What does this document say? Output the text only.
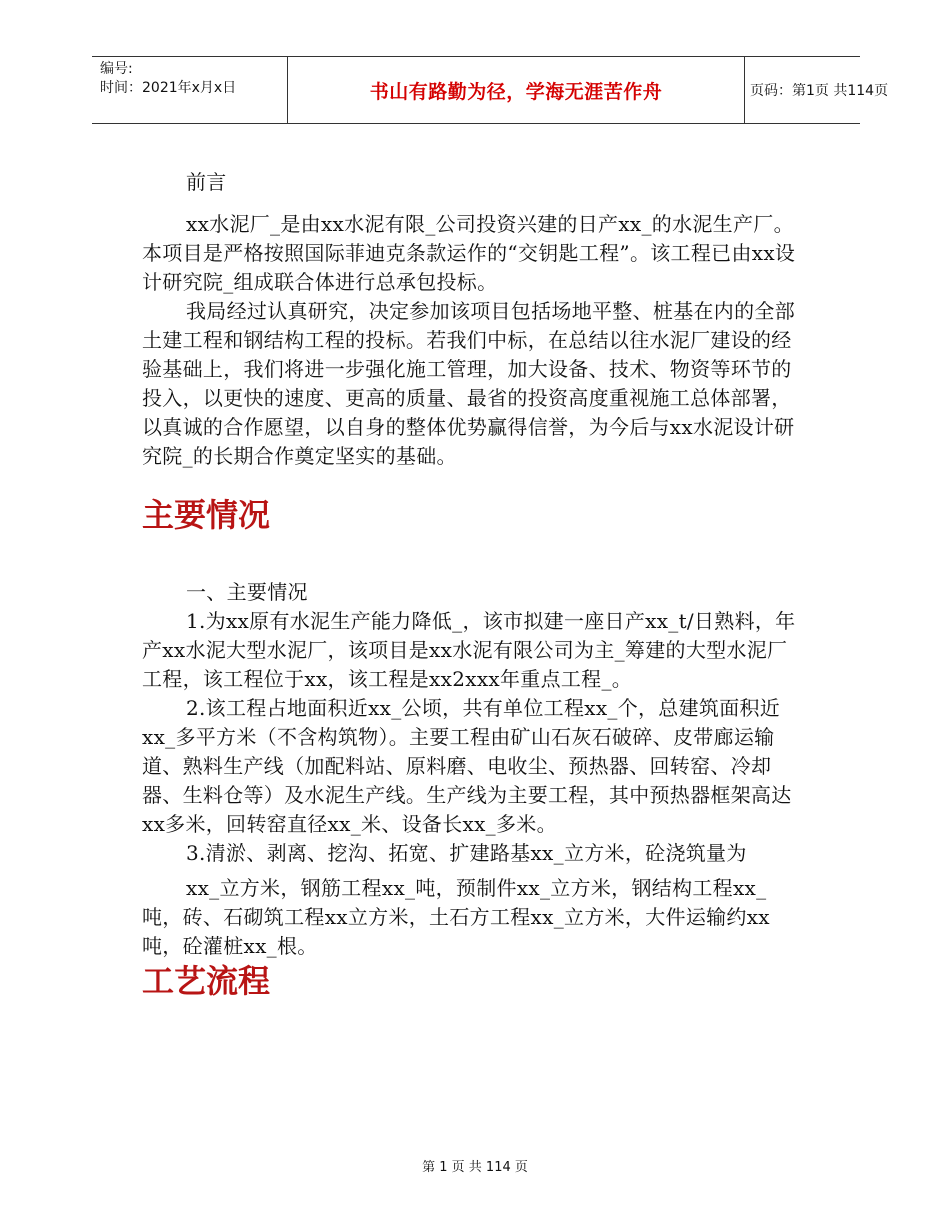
编号:
时间：2021年x月x日	书山有路勤为径，学海无涯苦作舟	页码：第1页 共114页

前言

xx水泥厂_是由xx水泥有限_公司投资兴建的日产xx_的水泥生产厂。本项目是严格按照国际菲迪克条款运作的“交钥匙工程”。该工程已由xx设计研究院_组成联合体进行总承包投标。

我局经过认真研究，决定参加该项目包括场地平整、桩基在内的全部土建工程和钢结构工程的投标。若我们中标，在总结以往水泥厂建设的经验基础上，我们将进一步强化施工管理，加大设备、技术、物资等环节的投入，以更快的速度、更高的质量、最省的投资高度重视施工总体部署，以真诚的合作愿望，以自身的整体优势赢得信誉，为今后与xx水泥设计研究院_的长期合作奠定坚实的基础。

主要情况

一、主要情况

1.为xx原有水泥生产能力降低_，该市拟建一座日产xx_t/日熟料，年产xx水泥大型水泥厂，该项目是xx水泥有限公司为主_筹建的大型水泥厂工程，该工程位于xx，该工程是xx2xxx年重点工程_。

2.该工程占地面积近xx_公顷，共有单位工程xx_个，总建筑面积近xx_多平方米（不含构筑物）。主要工程由矿山石灰石破碎、皮带廊运输道、熟料生产线（加配料站、原料磨、电收尘、预热器、回转窑、冷却器、生料仓等）及水泥生产线。生产线为主要工程，其中预热器框架高达xx多米，回转窑直径xx_米、设备长xx_多米。

3.清淤、剥离、挖沟、拓宽、扩建路基xx_立方米，砼浇筑量为

xx_立方米，钢筋工程xx_吨，预制件xx_立方米，钢结构工程xx_吨，砖、石砌筑工程xx立方米，土石方工程xx_立方米，大件运输约xx吨，砼灌桩xx_根。

工艺流程
第 1 页 共 114 页
